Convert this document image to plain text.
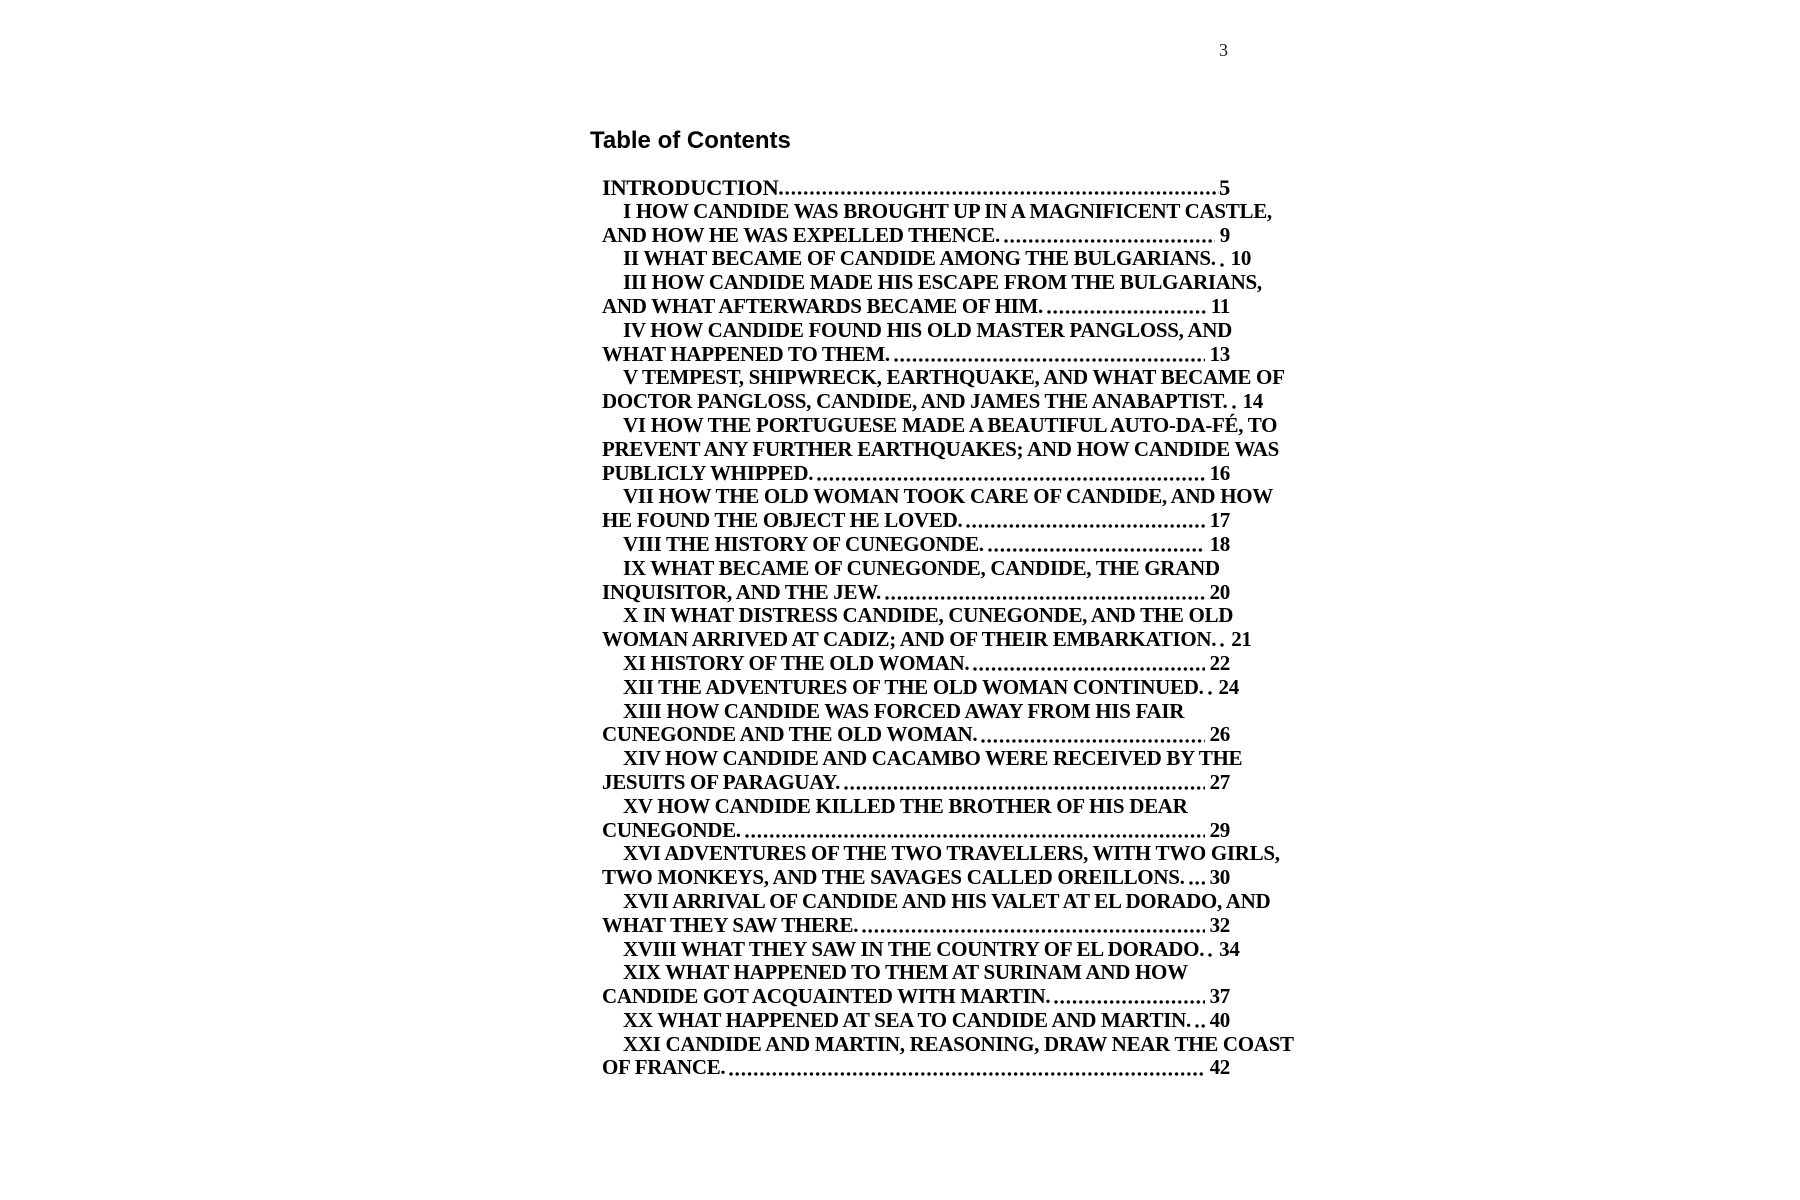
3
Table of Contents
INTRODUCTION	5
I HOW CANDIDE WAS BROUGHT UP IN A MAGNIFICENT CASTLE,
AND HOW HE WAS EXPELLED THENCE.	9
II WHAT BECAME OF CANDIDE AMONG THE BULGARIANS. 10
III HOW CANDIDE MADE HIS ESCAPE FROM THE BULGARIANS,
AND WHAT AFTERWARDS BECAME OF HIM.	11
IV HOW CANDIDE FOUND HIS OLD MASTER PANGLOSS, AND
WHAT HAPPENED TO THEM.	13
V TEMPEST, SHIPWRECK, EARTHQUAKE, AND WHAT BECAME OF
DOCTOR PANGLOSS, CANDIDE, AND JAMES THE ANABAPTIST. 14
VI HOW THE PORTUGUESE MADE A BEAUTIFUL AUTO-DA-FÉ, TO
PREVENT ANY FURTHER EARTHQUAKES; AND HOW CANDIDE WAS
PUBLICLY WHIPPED.	16
VII HOW THE OLD WOMAN TOOK CARE OF CANDIDE, AND HOW
HE FOUND THE OBJECT HE LOVED.	17
VIII THE HISTORY OF CUNEGONDE.	18
IX WHAT BECAME OF CUNEGONDE, CANDIDE, THE GRAND
INQUISITOR, AND THE JEW.	20
X IN WHAT DISTRESS CANDIDE, CUNEGONDE, AND THE OLD
WOMAN ARRIVED AT CADIZ; AND OF THEIR EMBARKATION. 21
XI HISTORY OF THE OLD WOMAN.	22
XII THE ADVENTURES OF THE OLD WOMAN CONTINUED. 24
XIII HOW CANDIDE WAS FORCED AWAY FROM HIS FAIR
CUNEGONDE AND THE OLD WOMAN.	26
XIV HOW CANDIDE AND CACAMBO WERE RECEIVED BY THE
JESUITS OF PARAGUAY.	27
XV HOW CANDIDE KILLED THE BROTHER OF HIS DEAR
CUNEGONDE.	29
XVI ADVENTURES OF THE TWO TRAVELLERS, WITH TWO GIRLS,
TWO MONKEYS, AND THE SAVAGES CALLED OREILLONS. 30
XVII ARRIVAL OF CANDIDE AND HIS VALET AT EL DORADO, AND
WHAT THEY SAW THERE.	32
XVIII WHAT THEY SAW IN THE COUNTRY OF EL DORADO. 34
XIX WHAT HAPPENED TO THEM AT SURINAM AND HOW
CANDIDE GOT ACQUAINTED WITH MARTIN.	37
XX WHAT HAPPENED AT SEA TO CANDIDE AND MARTIN. 40
XXI CANDIDE AND MARTIN, REASONING, DRAW NEAR THE COAST
OF FRANCE.	42
